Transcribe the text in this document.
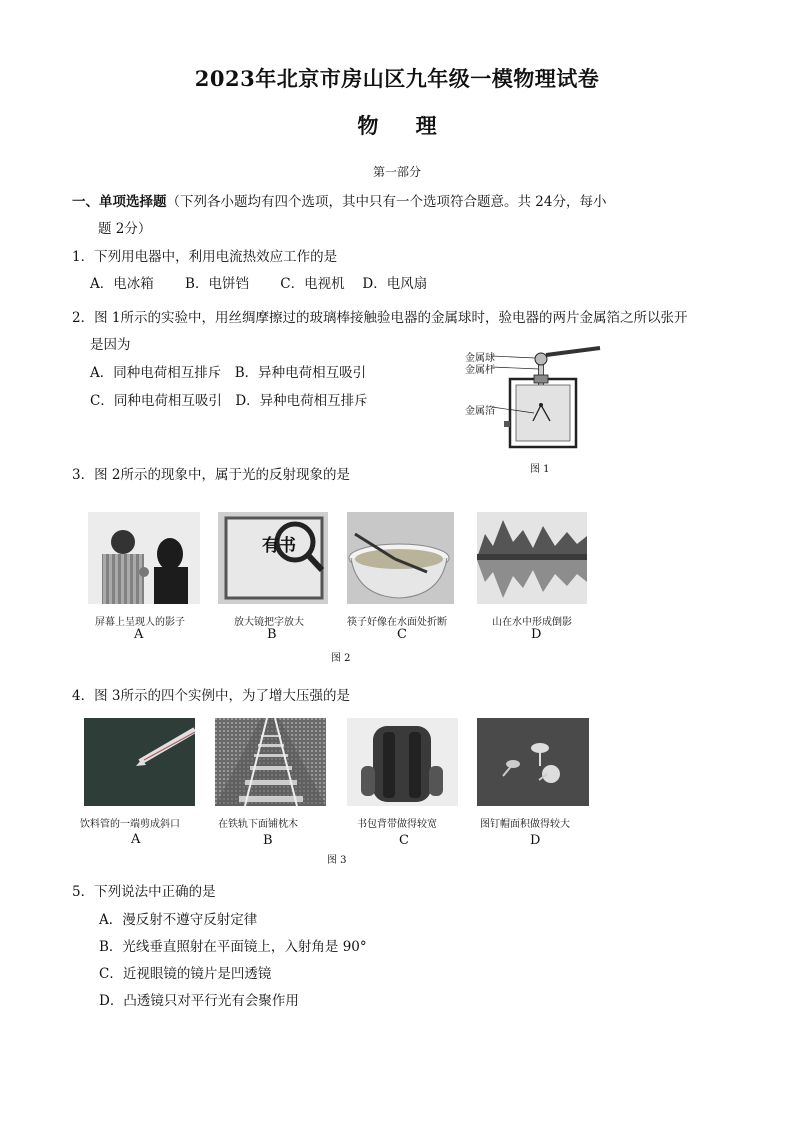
2023年北京市房山区九年级一模物理试卷
物 理
第一部分
一、单项选择题（下列各小题均有四个选项，其中只有一个选项符合题意。共 24分，每小
题 2分）
1．下列用电器中，利用电流热效应工作的是
A．电冰箱　　 B．电饼铛　　 C．电视机　 D．电风扇
2．图 1所示的实验中，用丝绸摩擦过的玻璃棒接触验电器的金属球时，验电器的两片金属箔之所以张开
是因为
A．同种电荷相互排斥　B．异种电荷相互吸引
C．同种电荷相互吸引　D．异种电荷相互排斥
金属球
金属杆
金属箔
图 1
3．图 2所示的现象中，属于光的反射现象的是
有书
屏幕上呈现人的影子	放大镜把字放大	筷子好像在水面处折断	山在水中形成倒影
A	B	C	D
图 2
4．图 3所示的四个实例中，为了增大压强的是
饮料管的一端剪成斜口	在铁轨下面铺枕木	书包背带做得较宽	图钉帽面积做得较大
A	B	C	D
图 3
5．下列说法中正确的是
A．漫反射不遵守反射定律
B．光线垂直照射在平面镜上，入射角是 90°
C．近视眼镜的镜片是凹透镜
D．凸透镜只对平行光有会聚作用
